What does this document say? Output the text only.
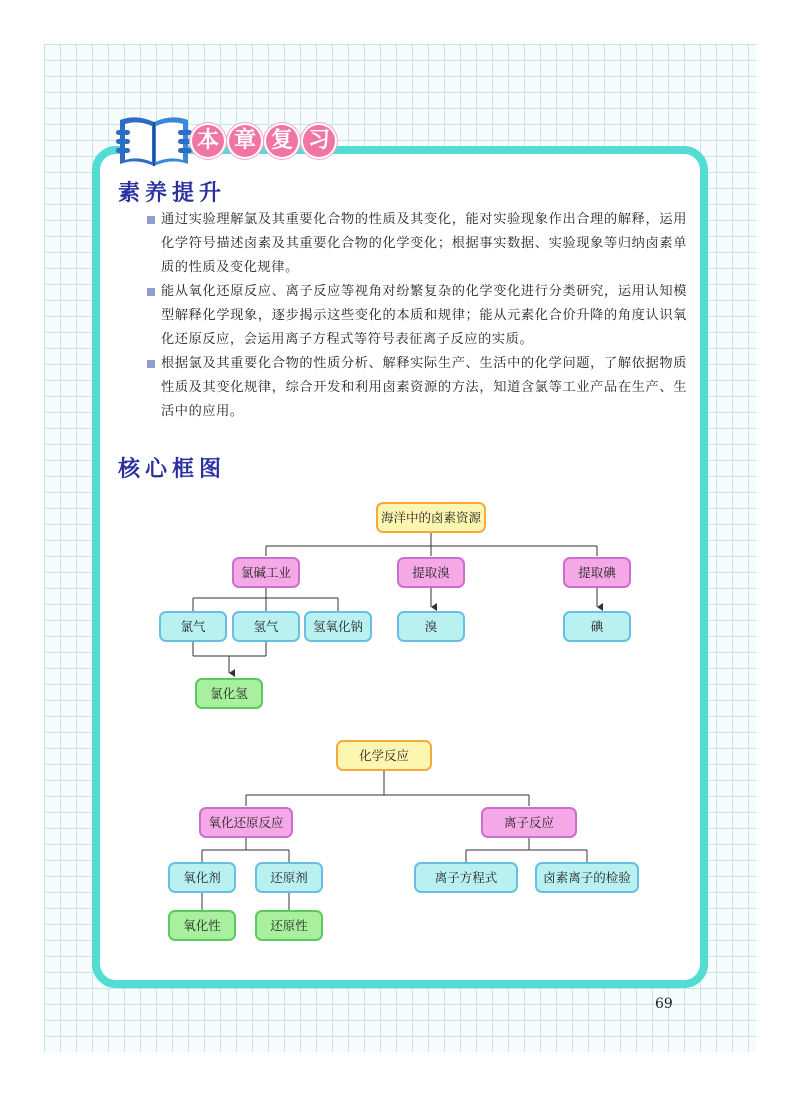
本 章 复 习
素养提升
通过实验理解氯及其重要化合物的性质及其变化，能对实验现象作出合理的解释，运用化学符号描述卤素及其重要化合物的化学变化；根据事实数据、实验现象等归纳卤素单质的性质及变化规律。
能从氧化还原反应、离子反应等视角对纷繁复杂的化学变化进行分类研究，运用认知模型解释化学现象，逐步揭示这些变化的本质和规律；能从元素化合价升降的角度认识氧化还原反应，会运用离子方程式等符号表征离子反应的实质。
根据氯及其重要化合物的性质分析、解释实际生产、生活中的化学问题，了解依据物质性质及其变化规律，综合开发和利用卤素资源的方法，知道含氯等工业产品在生产、生活中的应用。
核心框图
海洋中的卤素资源
氯碱工业	提取溴	提取碘
氯气	氢气	氢氧化钠	溴	碘
氯化氢
化学反应
氧化还原反应	离子反应
氧化剂	还原剂	离子方程式	卤素离子的检验
氧化性	还原性
69
